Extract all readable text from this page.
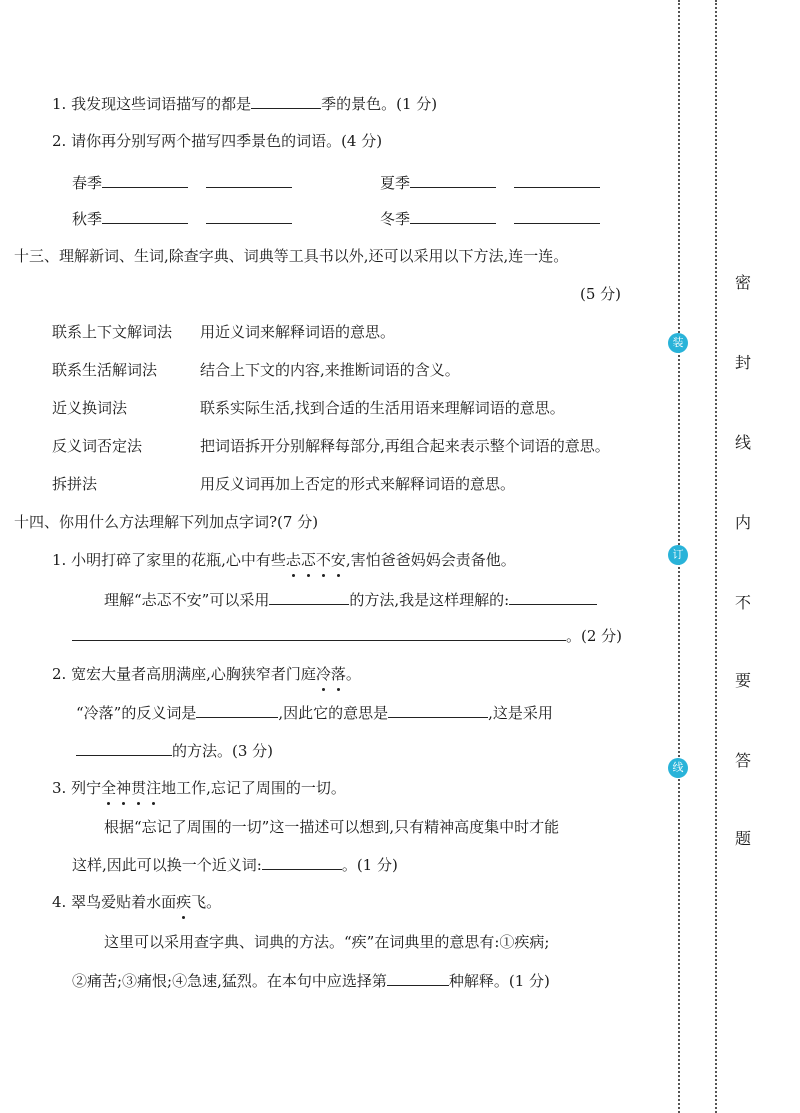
1. 我发现这些词语描写的都是	季的景色。(1 分)
2. 请你再分别写两个描写四季景色的词语。(4 分)
春季	夏季
秋季	冬季
十三、理解新词、生词,除查字典、词典等工具书以外,还可以采用以下方法,连一连。
(5 分)
联系上下文解词法 用近义词来解释词语的意思。
联系生活解词法	结合上下文的内容,来推断词语的含义。
近义换词法	联系实际生活,找到合适的生活用语来理解词语的意思。
反义词否定法	把词语拆开分别解释每部分,再组合起来表示整个词语的意思。
拆拼法	用反义词再加上否定的形式来解释词语的意思。
十四、你用什么方法理解下列加点字词?(7 分)
1. 小明打碎了家里的花瓶,心中有些忐忑不安,害怕爸爸妈妈会责备他。
理解“忐忑不安”可以采用	的方法,我是这样理解的:
。(2 分)
2. 宽宏大量者高朋满座,心胸狭窄者门庭冷落。
“冷落”的反义词是	,因此它的意思是	,这是采用
的方法。(3 分)
3. 列宁全神贯注地工作,忘记了周围的一切。
根据“忘记了周围的一切”这一描述可以想到,只有精神高度集中时才能
这样,因此可以换一个近义词:	。(1 分)
4. 翠鸟爱贴着水面疾飞。
这里可以采用查字典、词典的方法。“疾”在词典里的意思有:①疾病;
②痛苦;③痛恨;④急速,猛烈。在本句中应选择第	种解释。(1 分)
装
订
线
密
封
线
内
不
要
答
题
